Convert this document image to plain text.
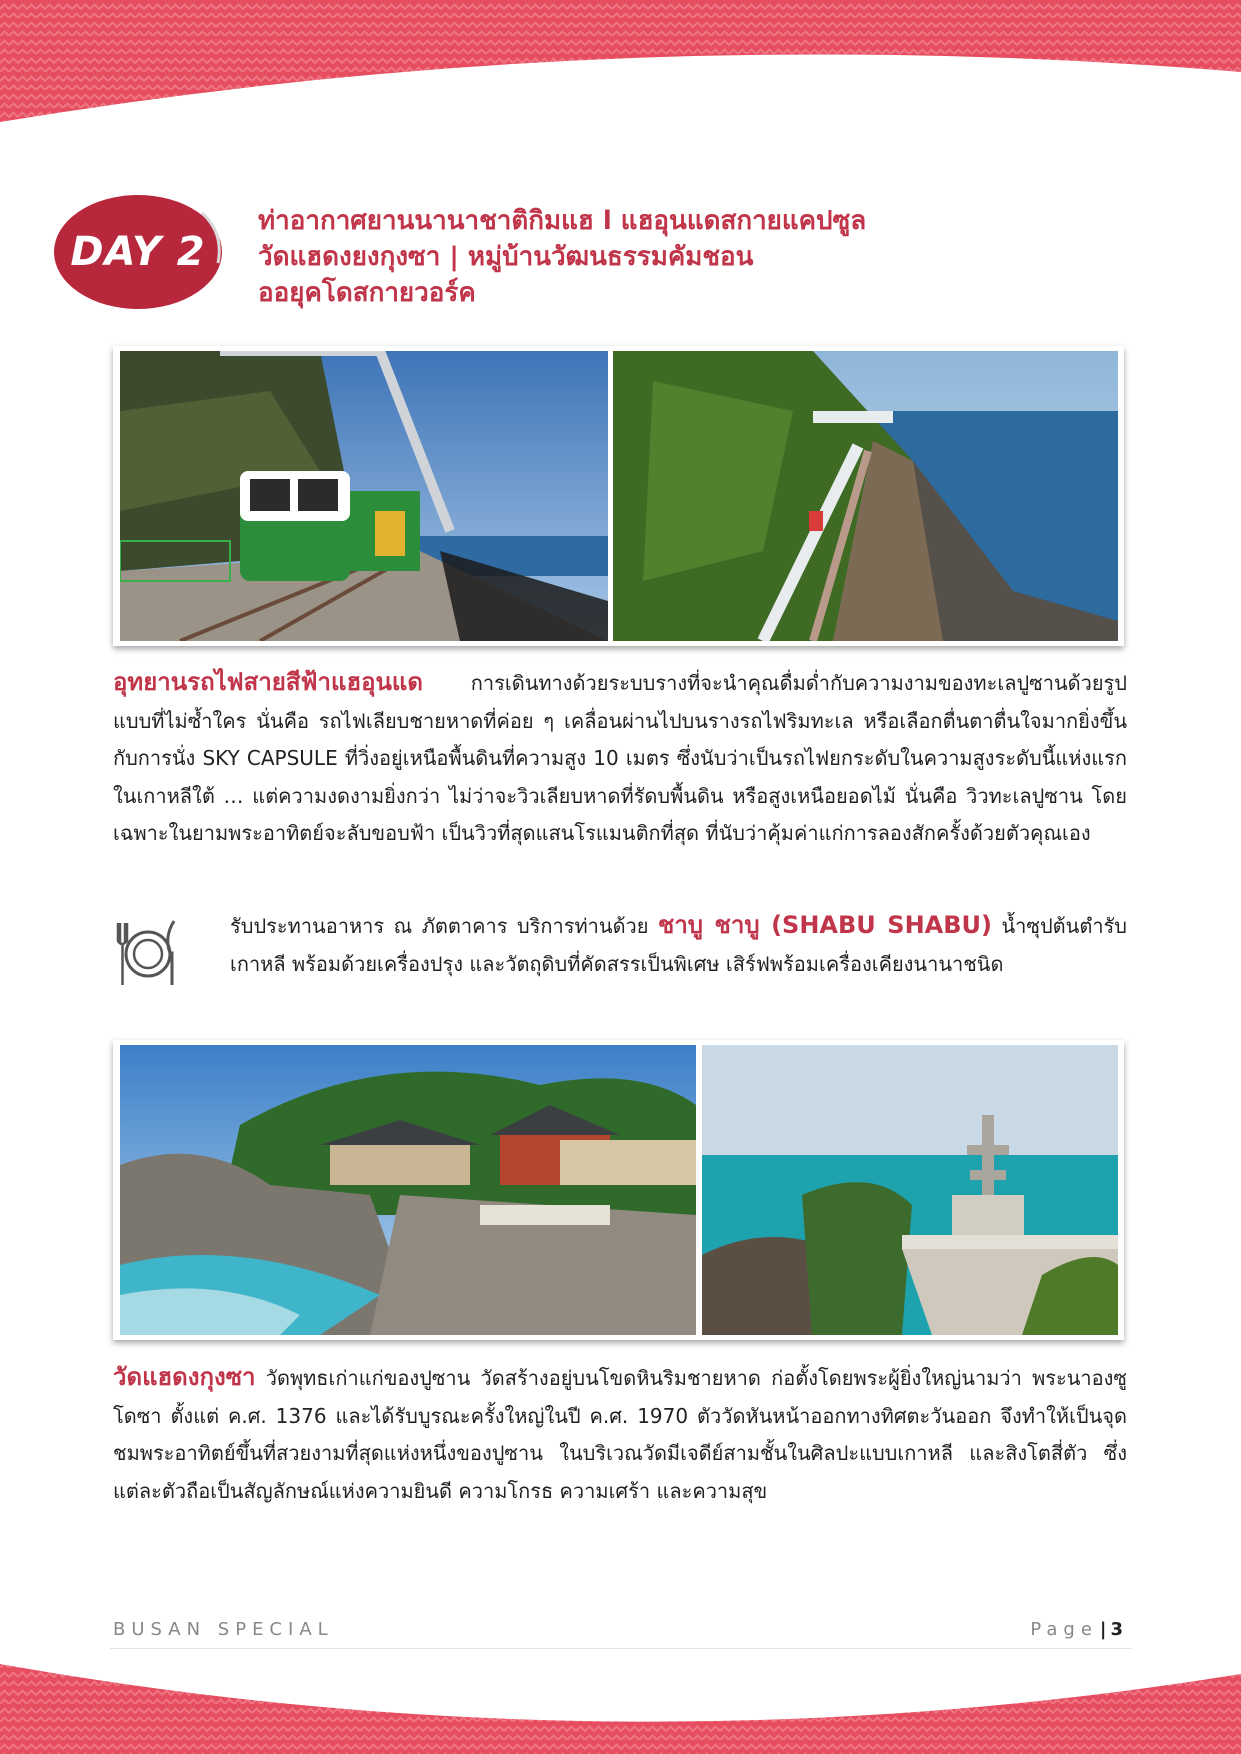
DAY 2
ท่าอากาศยานนานาชาติกิมแฮ l แฮอุนแดสกายแคปซูล
วัดแฮดงยงกุงซา | หมู่บ้านวัฒนธรรมคัมชอน
ออยุคโดสกายวอร์ค
อุทยานรถไฟสายสีฟ้าแฮอุนแด การเดินทางด้วยระบบรางที่จะนำคุณดื่มด่ำกับความงามของทะเลปูซานด้วยรูปแบบที่ไม่ซ้ำใคร นั่นคือ รถไฟเลียบชายหาดที่ค่อย ๆ เคลื่อนผ่านไปบนรางรถไฟริมทะเล หรือเลือกตื่นตาตื่นใจมากยิ่งขึ้นกับการนั่ง SKY CAPSULE ที่วิ่งอยู่เหนือพื้นดินที่ความสูง 10 เมตร ซึ่งนับว่าเป็นรถไฟยกระดับในความสูงระดับนี้แห่งแรกในเกาหลีใต้ … แต่ความงดงามยิ่งกว่า ไม่ว่าจะวิวเลียบหาดที่รัดบพื้นดิน หรือสูงเหนือยอดไม้ นั่นคือ วิวทะเลปูซาน โดยเฉพาะในยามพระอาทิตย์จะลับขอบฟ้า เป็นวิวที่สุดแสนโรแมนติกที่สุด ที่นับว่าคุ้มค่าแก่การลองสักครั้งด้วยตัวคุณเอง
รับประทานอาหาร ณ ภัตตาคาร บริการท่านด้วย ชาบู ชาบู (SHABU SHABU) น้ำซุปต้นตำรับเกาหลี พร้อมด้วยเครื่องปรุง และวัตถุดิบที่คัดสรรเป็นพิเศษ เสิร์ฟพร้อมเครื่องเคียงนานาชนิด
วัดแฮดงกุงซา วัดพุทธเก่าแก่ของปูซาน วัดสร้างอยู่บนโขดหินริมชายหาด ก่อตั้งโดยพระผู้ยิ่งใหญ่นามว่า พระนาองซูโดซา ตั้งแต่ ค.ศ. 1376 และได้รับบูรณะครั้งใหญ่ในปี ค.ศ. 1970 ตัววัดหันหน้าออกทางทิศตะวันออก จึงทำให้เป็นจุดชมพระอาทิตย์ขึ้นที่สวยงามที่สุดแห่งหนึ่งของปูซาน ในบริเวณวัดมีเจดีย์สามชั้นในศิลปะแบบเกาหลี และสิงโตสี่ตัว ซึ่งแต่ละตัวถือเป็นสัญลักษณ์แห่งความยินดี ความโกรธ ความเศร้า และความสุข
BUSAN SPECIAL	Page | 3
